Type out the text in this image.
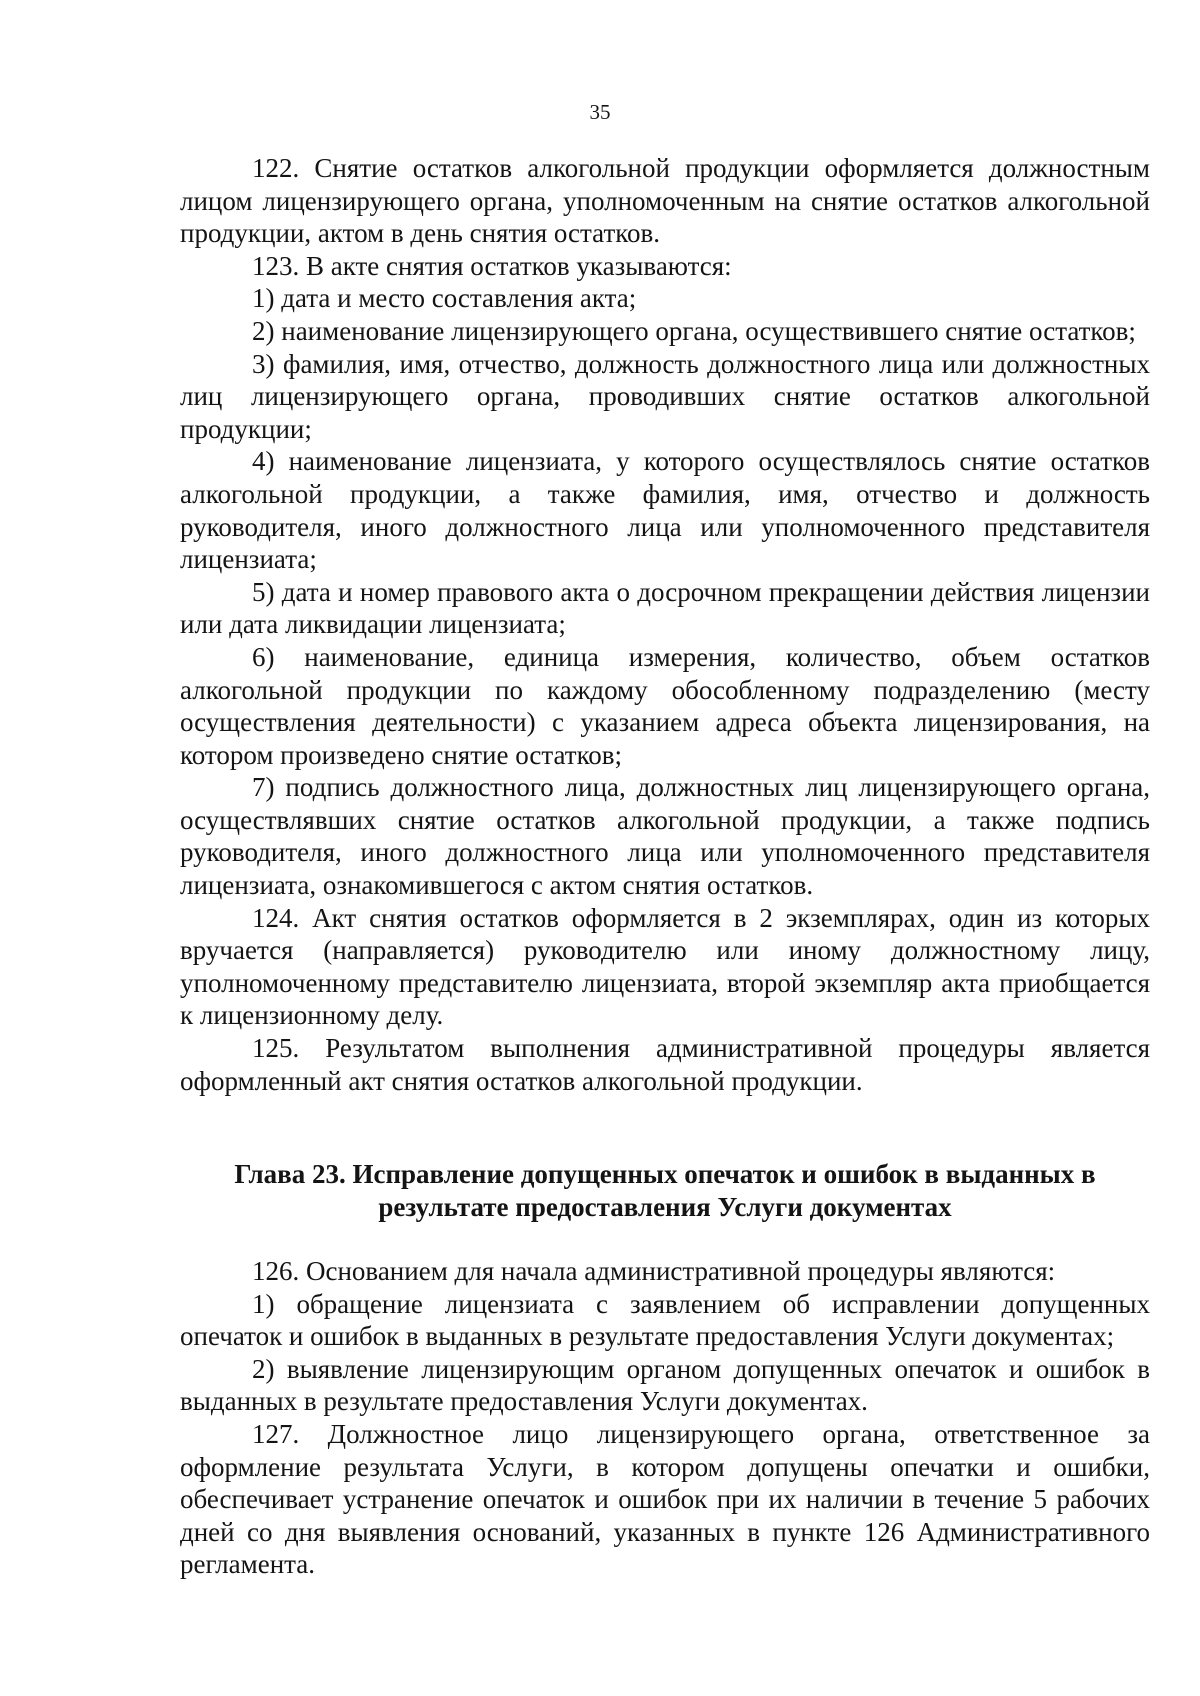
35

122. Снятие остатков алкогольной продукции оформляется должностным лицом лицензирующего органа, уполномоченным на снятие остатков алкогольной продукции, актом в день снятия остатков.

123. В акте снятия остатков указываются:

1) дата и место составления акта;

2) наименование лицензирующего органа, осуществившего снятие остатков;

3) фамилия, имя, отчество, должность должностного лица или должностных лиц лицензирующего органа, проводивших снятие остатков алкогольной продукции;

4) наименование лицензиата, у которого осуществлялось снятие остатков алкогольной продукции, а также фамилия, имя, отчество и должность руководителя, иного должностного лица или уполномоченного представителя лицензиата;

5) дата и номер правового акта о досрочном прекращении действия лицензии или дата ликвидации лицензиата;

6) наименование, единица измерения, количество, объем остатков алкогольной продукции по каждому обособленному подразделению (месту осуществления деятельности) с указанием адреса объекта лицензирования, на котором произведено снятие остатков;

7) подпись должностного лица, должностных лиц лицензирующего органа, осуществлявших снятие остатков алкогольной продукции, а также подпись руководителя, иного должностного лица или уполномоченного представителя лицензиата, ознакомившегося с актом снятия остатков.

124. Акт снятия остатков оформляется в 2 экземплярах, один из которых вручается (направляется) руководителю или иному должностному лицу, уполномоченному представителю лицензиата, второй экземпляр акта приобщается к лицензионному делу.

125. Результатом выполнения административной процедуры является оформленный акт снятия остатков алкогольной продукции.

Глава 23. Исправление допущенных опечаток и ошибок в выданных в
результате предоставления Услуги документах

126. Основанием для начала административной процедуры являются:

1) обращение лицензиата с заявлением об исправлении допущенных опечаток и ошибок в выданных в результате предоставления Услуги документах;

2) выявление лицензирующим органом допущенных опечаток и ошибок в выданных в результате предоставления Услуги документах.

127. Должностное лицо лицензирующего органа, ответственное за оформление результата Услуги, в котором допущены опечатки и ошибки, обеспечивает устранение опечаток и ошибок при их наличии в течение 5 рабочих дней со дня выявления оснований, указанных в пункте 126 Административного регламента.
